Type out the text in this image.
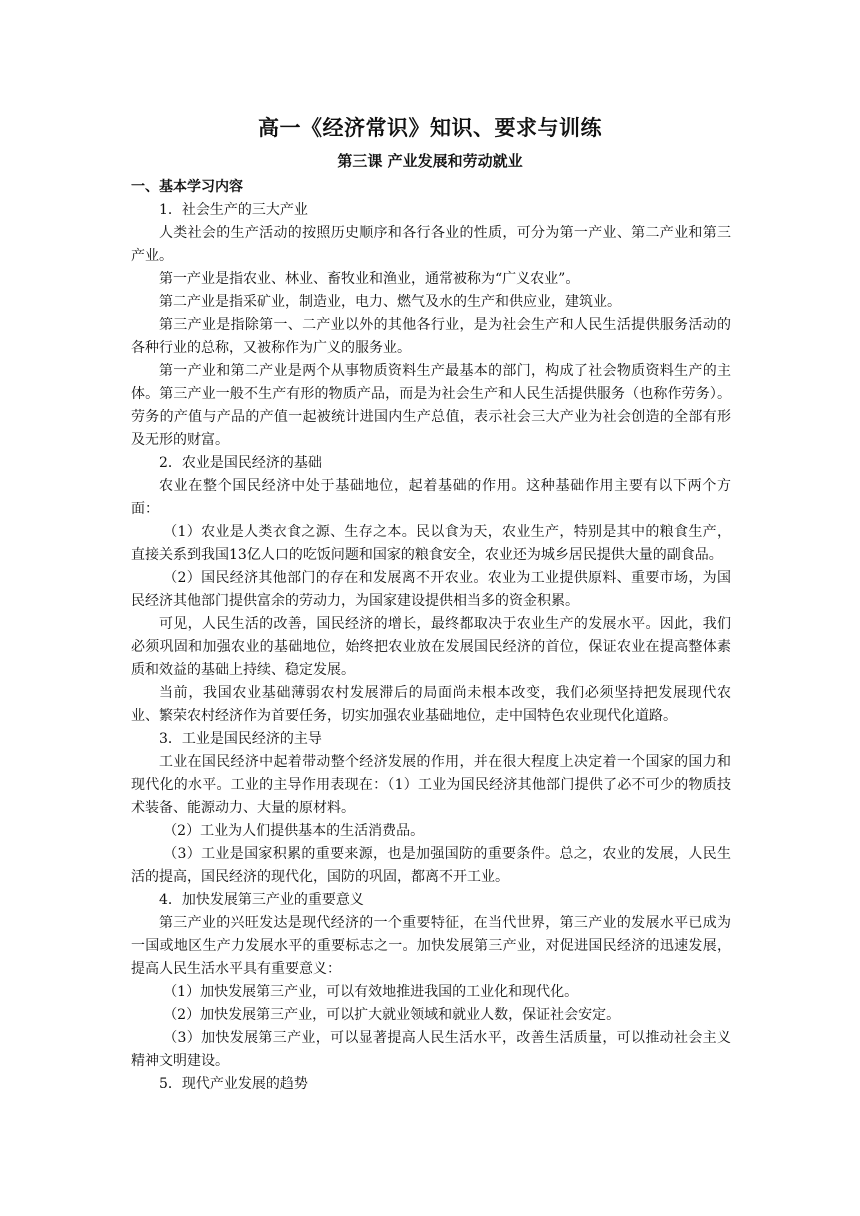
高一《经济常识》知识、要求与训练
第三课 产业发展和劳动就业

一、基本学习内容

1．社会生产的三大产业

人类社会的生产活动的按照历史顺序和各行各业的性质，可分为第一产业、第二产业和第三产业。

第一产业是指农业、林业、畜牧业和渔业，通常被称为“广义农业”。

第二产业是指采矿业，制造业，电力、燃气及水的生产和供应业，建筑业。

第三产业是指除第一、二产业以外的其他各行业，是为社会生产和人民生活提供服务活动的各种行业的总称，又被称作为广义的服务业。

第一产业和第二产业是两个从事物质资料生产最基本的部门，构成了社会物质资料生产的主体。第三产业一般不生产有形的物质产品，而是为社会生产和人民生活提供服务（也称作劳务）。劳务的产值与产品的产值一起被统计进国内生产总值，表示社会三大产业为社会创造的全部有形及无形的财富。

2．农业是国民经济的基础

农业在整个国民经济中处于基础地位，起着基础的作用。这种基础作用主要有以下两个方面：

（1）农业是人类衣食之源、生存之本。民以食为天，农业生产，特别是其中的粮食生产，直接关系到我国13亿人口的吃饭问题和国家的粮食安全，农业还为城乡居民提供大量的副食品。

（2）国民经济其他部门的存在和发展离不开农业。农业为工业提供原料、重要市场，为国民经济其他部门提供富余的劳动力，为国家建设提供相当多的资金积累。

可见，人民生活的改善，国民经济的增长，最终都取决于农业生产的发展水平。因此，我们必须巩固和加强农业的基础地位，始终把农业放在发展国民经济的首位，保证农业在提高整体素质和效益的基础上持续、稳定发展。

当前，我国农业基础薄弱农村发展滞后的局面尚未根本改变，我们必须坚持把发展现代农业、繁荣农村经济作为首要任务，切实加强农业基础地位，走中国特色农业现代化道路。

3．工业是国民经济的主导

工业在国民经济中起着带动整个经济发展的作用，并在很大程度上决定着一个国家的国力和现代化的水平。工业的主导作用表现在：（1）工业为国民经济其他部门提供了必不可少的物质技术装备、能源动力、大量的原材料。

（2）工业为人们提供基本的生活消费品。

（3）工业是国家积累的重要来源，也是加强国防的重要条件。总之，农业的发展，人民生活的提高，国民经济的现代化，国防的巩固，都离不开工业。

4．加快发展第三产业的重要意义

第三产业的兴旺发达是现代经济的一个重要特征，在当代世界，第三产业的发展水平已成为一国或地区生产力发展水平的重要标志之一。加快发展第三产业，对促进国民经济的迅速发展，提高人民生活水平具有重要意义：

（1）加快发展第三产业，可以有效地推进我国的工业化和现代化。

（2）加快发展第三产业，可以扩大就业领域和就业人数，保证社会安定。

（3）加快发展第三产业，可以显著提高人民生活水平，改善生活质量，可以推动社会主义精神文明建设。

5．现代产业发展的趋势
